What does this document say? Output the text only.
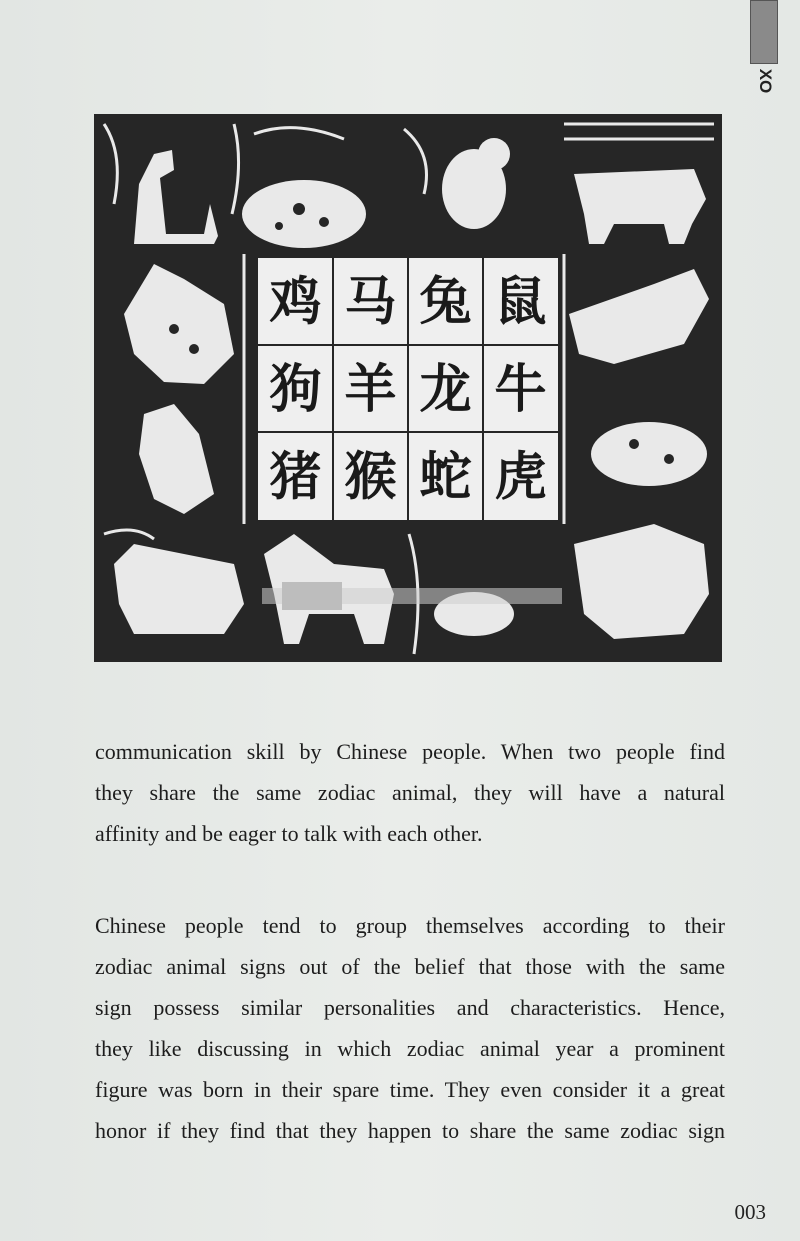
XO
鼠
牛
虎
兔
龙
蛇
马
羊
猴
鸡
狗
猪

communication skill by Chinese people. When two people find

they share the same zodiac animal, they will have a natural

affinity and be eager to talk with each other.

Chinese people tend to group themselves according to their

zodiac animal signs out of the belief that those with the same

sign possess similar personalities and characteristics. Hence,

they like discussing in which zodiac animal year a prominent

figure was born in their spare time. They even consider it a great

honor if they find that they happen to share the same zodiac sign

003
